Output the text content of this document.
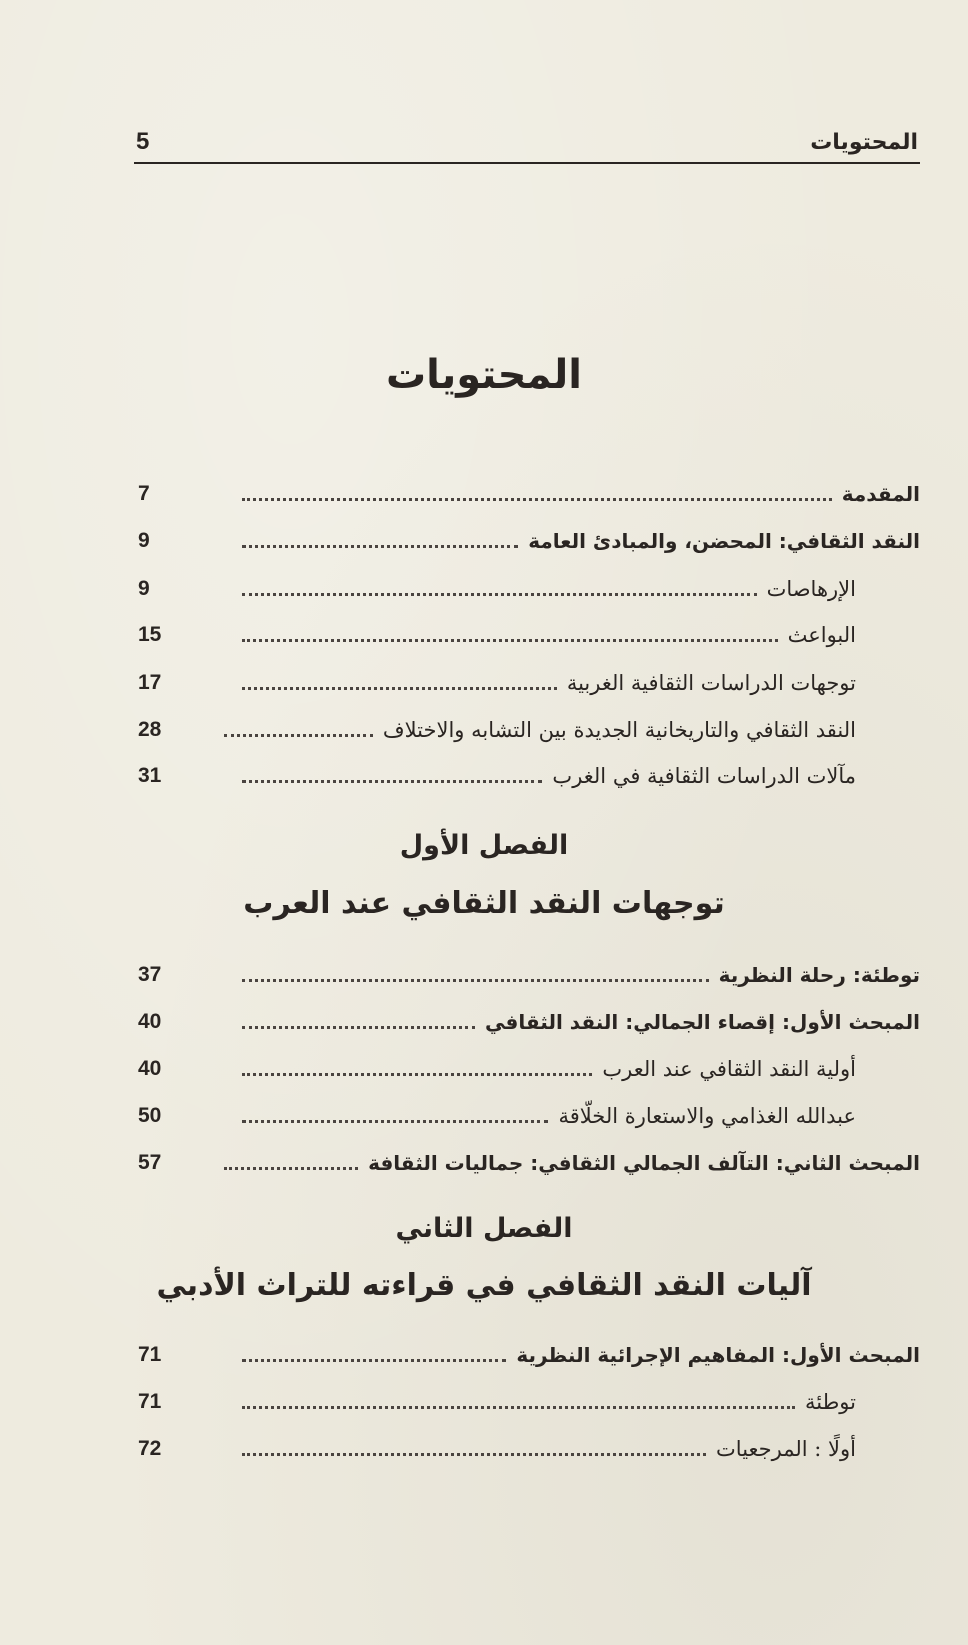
المحتويات
5
المحتويات
7	المقدمة
9	النقد الثقافي: المحضن، والمبادئ العامة
9	الإرهاصات
15	البواعث
17	توجهات الدراسات الثقافية الغربية
28	النقد الثقافي والتاريخانية الجديدة بين التشابه والاختلاف
31	مآلات الدراسات الثقافية في الغرب
الفصل الأول
توجهات النقد الثقافي عند العرب
37	توطئة: رحلة النظرية
40	المبحث الأول: إقصاء الجمالي: النقد الثقافي
40	أولية النقد الثقافي عند العرب
50	عبدالله الغذامي والاستعارة الخلّاقة
57	المبحث الثاني: التآلف الجمالي الثقافي: جماليات الثقافة
الفصل الثاني
آليات النقد الثقافي في قراءته للتراث الأدبي
71	المبحث الأول: المفاهيم الإجرائية النظرية
71	توطئة
72	أولًا : المرجعيات
